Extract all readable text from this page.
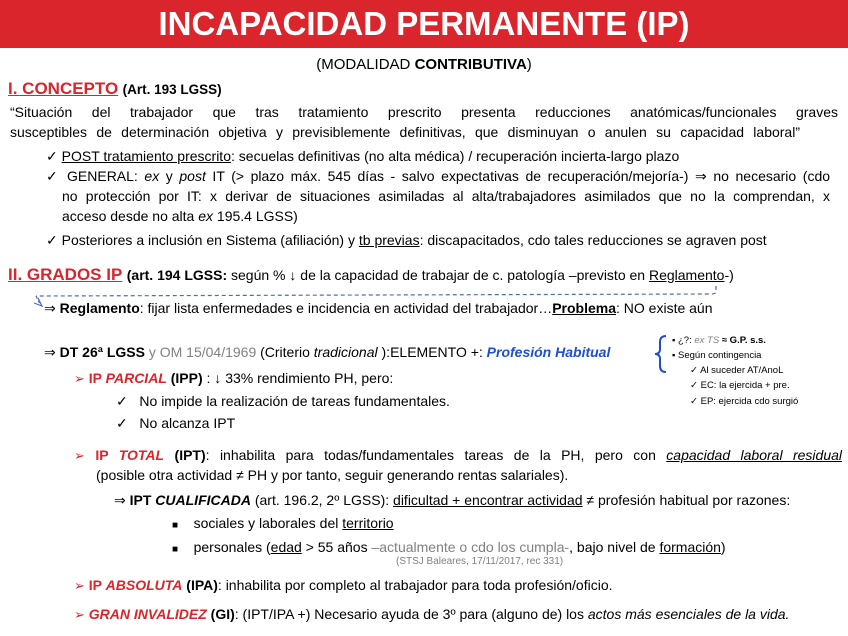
INCAPACIDAD PERMANENTE (IP)
(MODALIDAD CONTRIBUTIVA)
I. CONCEPTO (Art. 193 LGSS)
“Situación del trabajador que tras tratamiento prescrito presenta reducciones anatómicas/funcionales graves
susceptibles de determinación objetiva y previsiblemente definitivas, que disminuyan o anulen su capacidad laboral”
✓ POST tratamiento prescrito: secuelas definitivas (no alta médica) / recuperación incierta-largo plazo
✓ GENERAL: ex y post IT (> plazo máx. 545 días - salvo expectativas de recuperación/mejoría-) ⇒ no necesario (cdo
no protección por IT: x derivar de situaciones asimiladas al alta/trabajadores asimilados que no la comprendan, x
acceso desde no alta ex 195.4 LGSS)
✓ Posteriores a inclusión en Sistema (afiliación) y tb previas: discapacitados, cdo tales reducciones se agraven post
II. GRADOS IP (art. 194 LGSS: según % ↓ de la capacidad de trabajar de c. patología –previsto en Reglamento-)
⇒ Reglamento: fijar lista enfermedades e incidencia en actividad del trabajador…Problema: NO existe aún
⇒ DT 26ª LGSS y OM 15/04/1969 (Criterio tradicional ):ELEMENTO +: Profesión Habitual
▪ ¿?: ex TS ≈ G.P. s.s.
▪ Según contingencia
✓ Al suceder AT/AnoL
✓ EC: la ejercida + pre.
✓ EP: ejercida cdo surgió
➢ IP PARCIAL (IPP) : ↓ 33% rendimiento PH, pero:
✓ No impide la realización de tareas fundamentales.
✓ No alcanza IPT
➢ IP TOTAL (IPT): inhabilita para todas/fundamentales tareas de la PH, pero con capacidad laboral residual
(posible otra actividad ≠ PH y por tanto, seguir generando rentas salariales).
⇒ IPT CUALIFICADA (art. 196.2, 2º LGSS): dificultad + encontrar actividad ≠ profesión habitual por razones:
■ sociales y laborales del territorio
■ personales (edad > 55 años –actualmente o cdo los cumpla-, bajo nivel de formación)
(STSJ Baleares, 17/11/2017, rec 331)
➢ IP ABSOLUTA (IPA): inhabilita por completo al trabajador para toda profesión/oficio.
➢ GRAN INVALIDEZ (GI): (IPT/IPA +) Necesario ayuda de 3º para (alguno de) los actos más esenciales de la vida.
